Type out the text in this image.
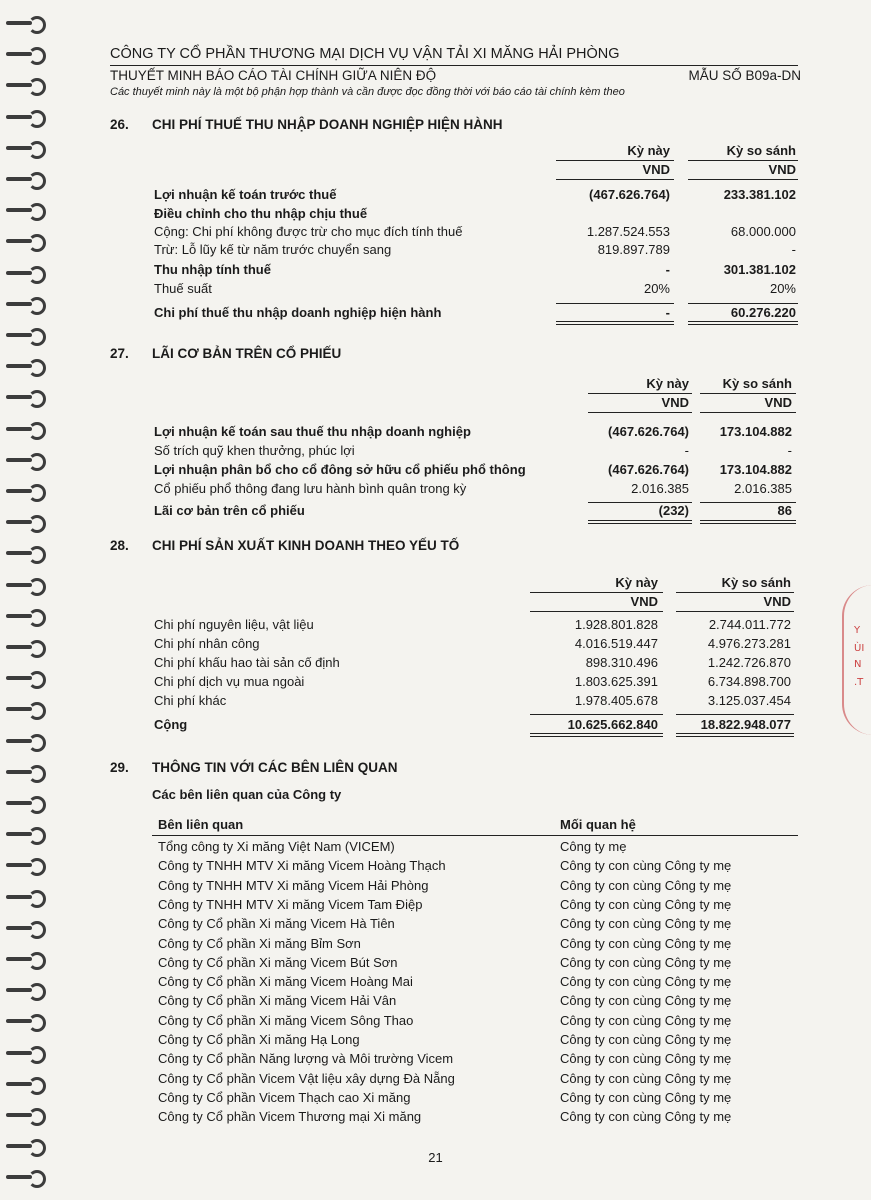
CÔNG TY CỔ PHẦN THƯƠNG MẠI DỊCH VỤ VẬN TẢI XI MĂNG HẢI PHÒNG
THUYẾT MINH BÁO CÁO TÀI CHÍNH GIỮA NIÊN ĐỘ	MẪU SỐ B09a-DN
Các thuyết minh này là một bộ phận hợp thành và cần được đọc đồng thời với báo cáo tài chính kèm theo
26. CHI PHÍ THUẾ THU NHẬP DOANH NGHIỆP HIỆN HÀNH
Kỳ này	Kỳ so sánh
VND	VND
Lợi nhuận kế toán trước thuế	(467.626.764)	233.381.102
Điều chỉnh cho thu nhập chịu thuế
Cộng: Chi phí không được trừ cho mục đích tính thuế	1.287.524.553	68.000.000
Trừ: Lỗ lũy kế từ năm trước chuyển sang	819.897.789	-
Thu nhập tính thuế	-	301.381.102
Thuế suất	20%	20%
Chi phí thuế thu nhập doanh nghiệp hiện hành	-	60.276.220
27. LÃI CƠ BẢN TRÊN CỔ PHIẾU
Kỳ này	Kỳ so sánh
VND	VND
Lợi nhuận kế toán sau thuế thu nhập doanh nghiệp	(467.626.764) 173.104.882
Số trích quỹ khen thưởng, phúc lợi	-	-
Lợi nhuận phân bổ cho cổ đông sở hữu cổ phiếu phổ thông	(467.626.764) 173.104.882
Cổ phiếu phổ thông đang lưu hành bình quân trong kỳ	2.016.385	2.016.385
Lãi cơ bản trên cổ phiếu	(232)	86
28. CHI PHÍ SẢN XUẤT KINH DOANH THEO YẾU TỐ
Kỳ này	Kỳ so sánh
VND	VND
Chi phí nguyên liệu, vật liệu	1.928.801.828	2.744.011.772
Chi phí nhân công	4.016.519.447	4.976.273.281
Chi phí khấu hao tài sản cố định	898.310.496	1.242.726.870
Chi phí dịch vụ mua ngoài	1.803.625.391	6.734.898.700
Chi phí khác	1.978.405.678	3.125.037.454
Cộng	10.625.662.840	18.822.948.077
29. THÔNG TIN VỚI CÁC BÊN LIÊN QUAN
Các bên liên quan của Công ty
Bên liên quan	Mối quan hệ
Tổng công ty Xi măng Việt Nam (VICEM)	Công ty mẹ
Công ty TNHH MTV Xi măng Vicem Hoàng Thạch	Công ty con cùng Công ty mẹ
Công ty TNHH MTV Xi măng Vicem Hải Phòng	Công ty con cùng Công ty mẹ
Công ty TNHH MTV Xi măng Vicem Tam Điệp	Công ty con cùng Công ty mẹ
Công ty Cổ phần Xi măng Vicem Hà Tiên	Công ty con cùng Công ty mẹ
Công ty Cổ phần Xi măng Bỉm Sơn	Công ty con cùng Công ty mẹ
Công ty Cổ phần Xi măng Vicem Bút Sơn	Công ty con cùng Công ty mẹ
Công ty Cổ phần Xi măng Vicem Hoàng Mai	Công ty con cùng Công ty mẹ
Công ty Cổ phần Xi măng Vicem Hải Vân	Công ty con cùng Công ty mẹ
Công ty Cổ phần Xi măng Vicem Sông Thao	Công ty con cùng Công ty mẹ
Công ty Cổ phần Xi măng Hạ Long	Công ty con cùng Công ty mẹ
Công ty Cổ phần Năng lượng và Môi trường Vicem	Công ty con cùng Công ty mẹ
Công ty Cổ phần Vicem Vật liệu xây dựng Đà Nẵng	Công ty con cùng Công ty mẹ
Công ty Cổ phần Vicem Thạch cao Xi măng	Công ty con cùng Công ty mẹ
Công ty Cổ phần Vicem Thương mại Xi măng	Công ty con cùng Công ty mẹ
Y
ÙI
N
.T
21
